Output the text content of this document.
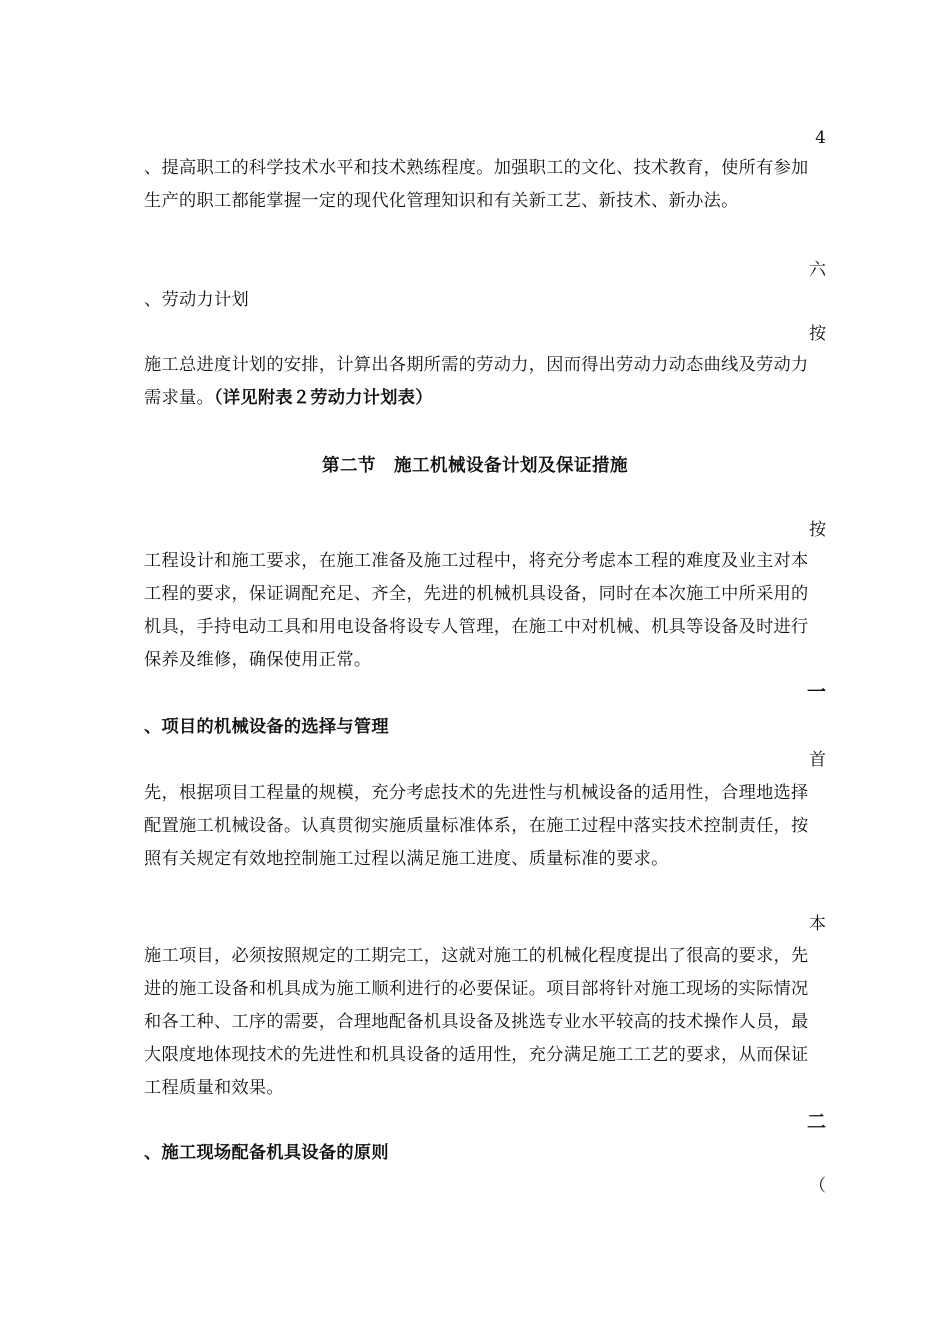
4
、提高职工的科学技术水平和技术熟练程度。加强职工的文化、技术教育，使所有参加生产的职工都能掌握一定的现代化管理知识和有关新工艺、新技术、新办法。
六
、劳动力计划
按
施工总进度计划的安排，计算出各期所需的劳动力，因而得出劳动力动态曲线及劳动力需求量。（详见附表２劳动力计划表）
第二节 施工机械设备计划及保证措施
按
工程设计和施工要求，在施工准备及施工过程中，将充分考虑本工程的难度及业主对本工程的要求，保证调配充足、齐全，先进的机械机具设备，同时在本次施工中所采用的机具，手持电动工具和用电设备将设专人管理，在施工中对机械、机具等设备及时进行保养及维修，确保使用正常。
一
、项目的机械设备的选择与管理
首
先，根据项目工程量的规模，充分考虑技术的先进性与机械设备的适用性，合理地选择配置施工机械设备。认真贯彻实施质量标准体系，在施工过程中落实技术控制责任，按照有关规定有效地控制施工过程以满足施工进度、质量标准的要求。
本
施工项目，必须按照规定的工期完工，这就对施工的机械化程度提出了很高的要求，先进的施工设备和机具成为施工顺利进行的必要保证。项目部将针对施工现场的实际情况和各工种、工序的需要，合理地配备机具设备及挑选专业水平较高的技术操作人员，最大限度地体现技术的先进性和机具设备的适用性，充分满足施工工艺的要求，从而保证工程质量和效果。
二
、施工现场配备机具设备的原则
（
